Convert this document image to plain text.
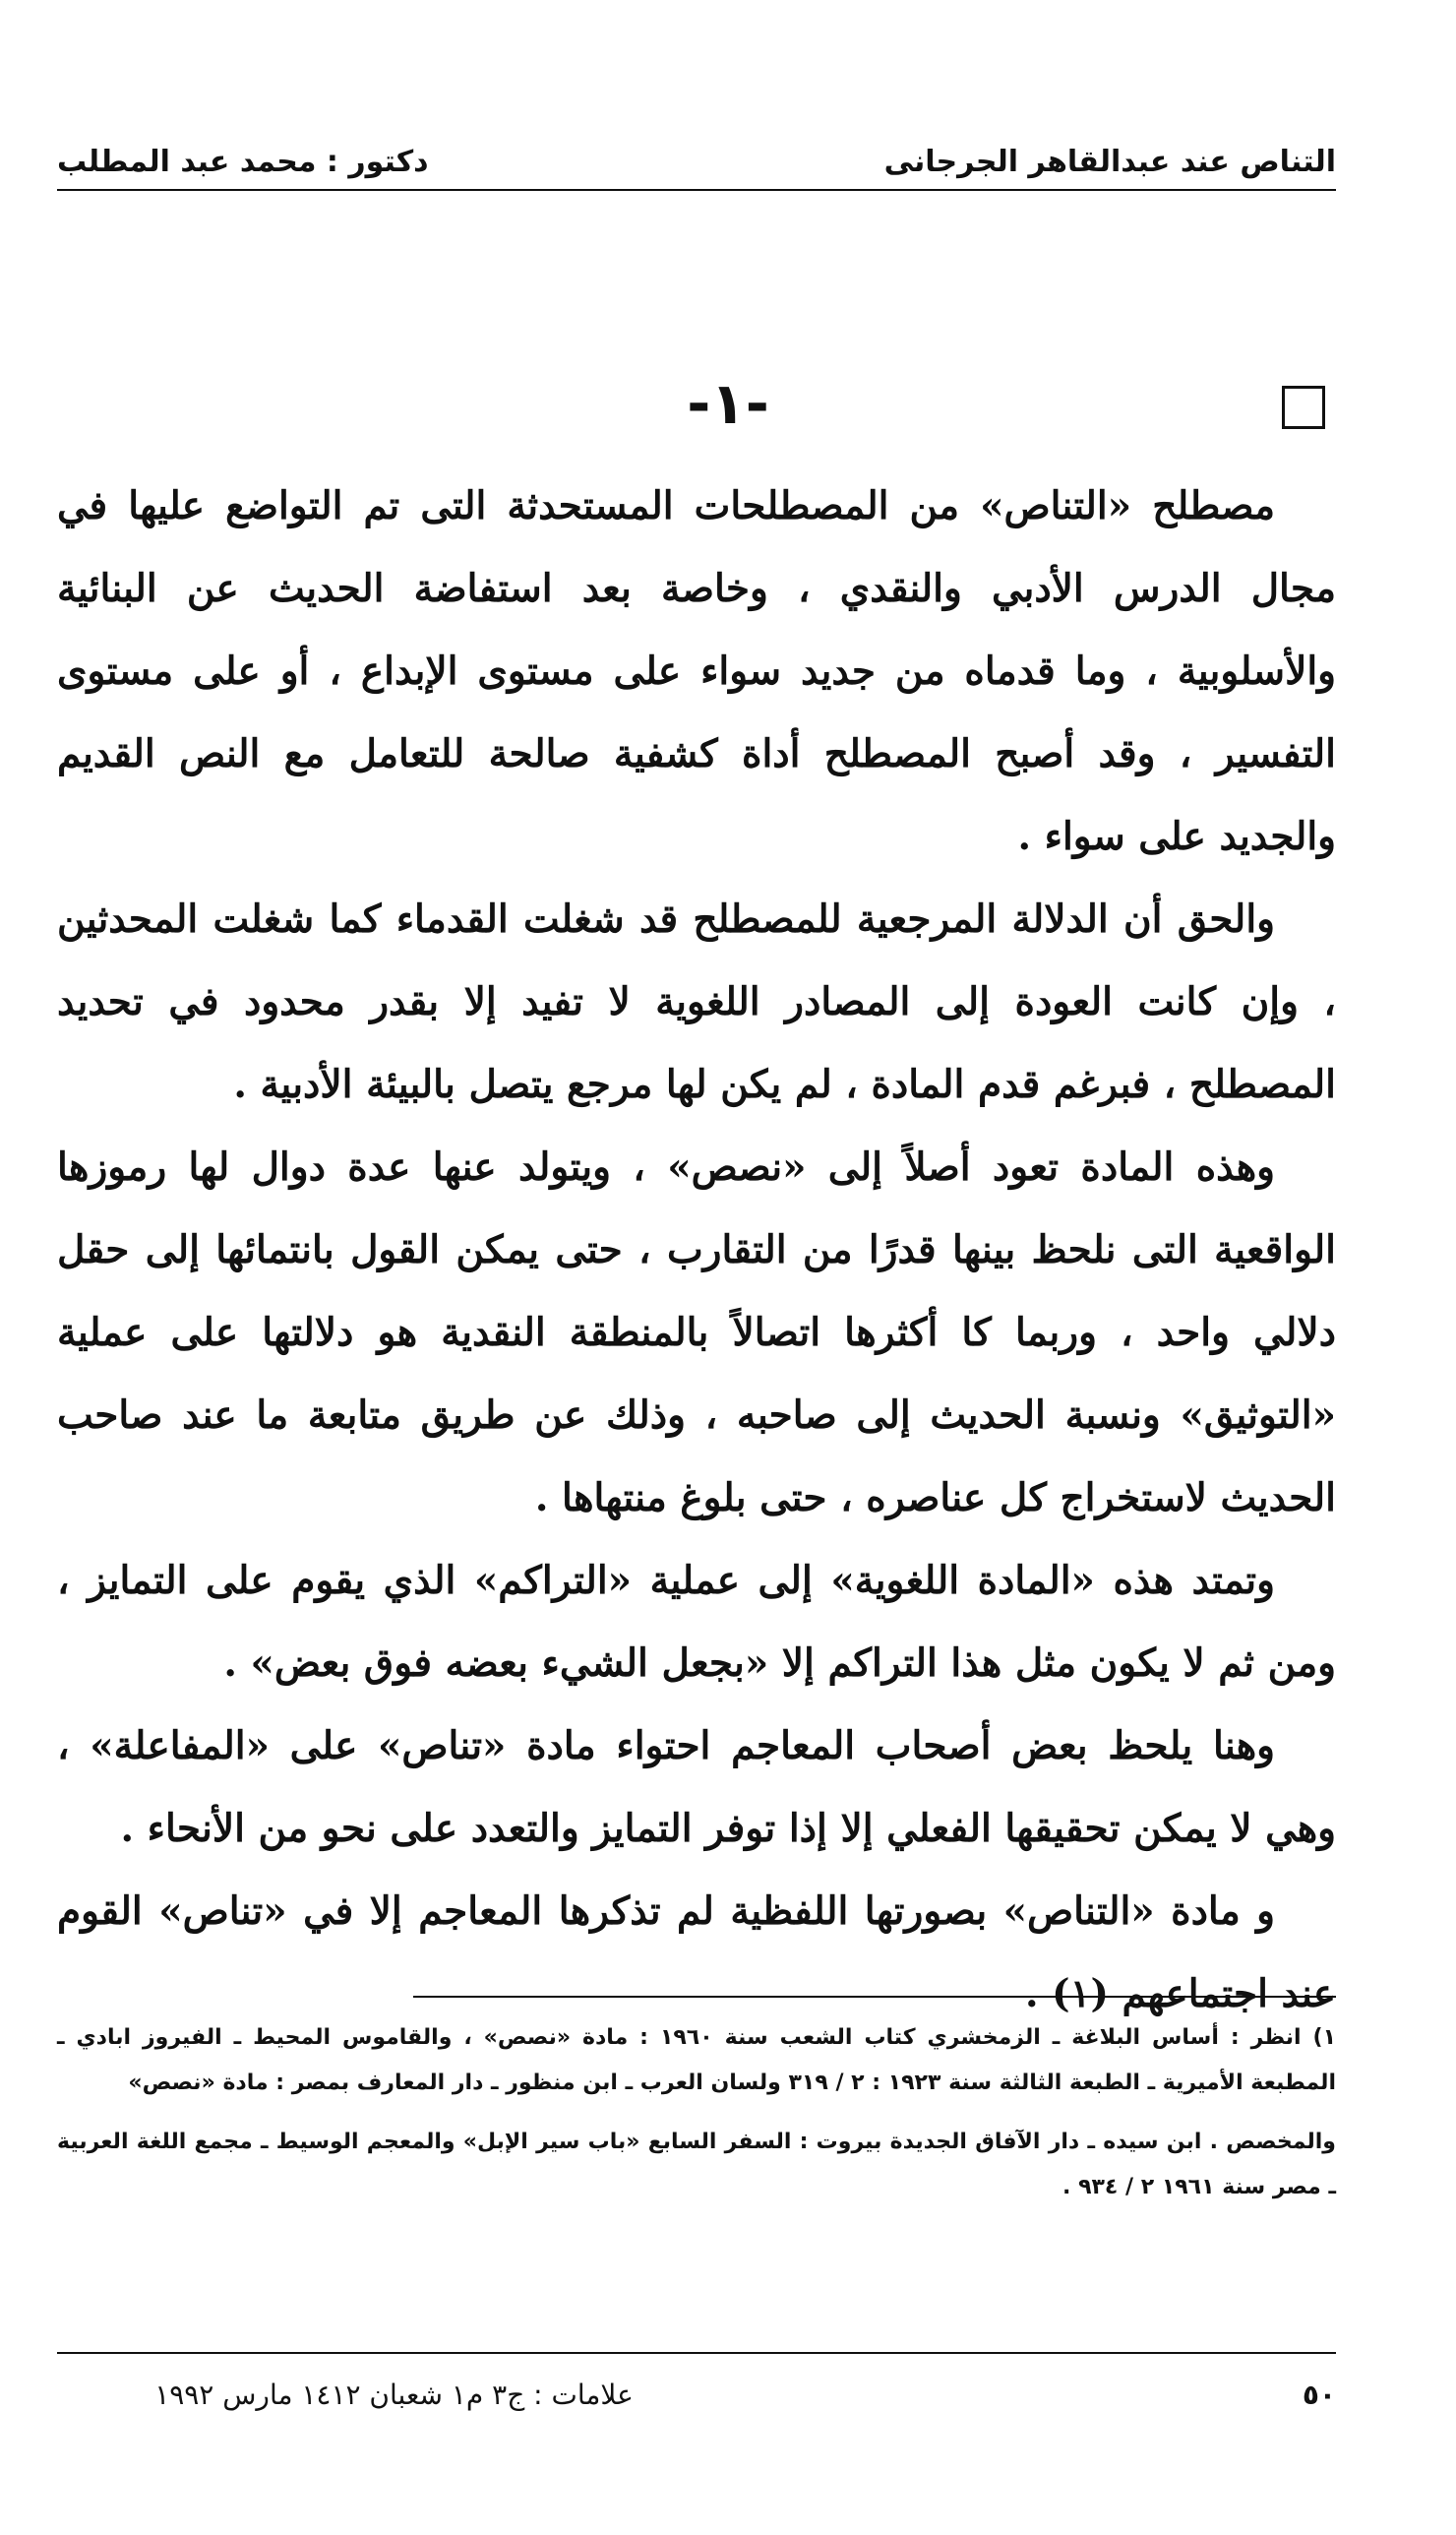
التناص عند عبدالقاهر الجرجانى
دكتور : محمد عبد المطلب
-١-

مصطلح «التناص» من المصطلحات المستحدثة التى تم التواضع عليها في مجال الدرس الأدبي والنقدي ، وخاصة بعد استفاضة الحديث عن البنائية والأسلوبية ، وما قدماه من جديد سواء على مستوى الإبداع ، أو على مستوى التفسير ، وقد أصبح المصطلح أداة كشفية صالحة للتعامل مع النص القديم والجديد على سواء .

والحق أن الدلالة المرجعية للمصطلح قد شغلت القدماء كما شغلت المحدثين ، وإن كانت العودة إلى المصادر اللغوية لا تفيد إلا بقدر محدود في تحديد المصطلح ، فبرغم قدم المادة ، لم يكن لها مرجع يتصل بالبيئة الأدبية .

وهذه المادة تعود أصلاً إلى «نصص» ، ويتولد عنها عدة دوال لها رموزها الواقعية التى نلحظ بينها قدرًا من التقارب ، حتى يمكن القول بانتمائها إلى حقل دلالي واحد ، وربما كا أكثرها اتصالاً بالمنطقة النقدية هو دلالتها على عملية «التوثيق» ونسبة الحديث إلى صاحبه ، وذلك عن طريق متابعة ما عند صاحب الحديث لاستخراج كل عناصره ، حتى بلوغ منتهاها .

وتمتد هذه «المادة اللغوية» إلى عملية «التراكم» الذي يقوم على التمايز ، ومن ثم لا يكون مثل هذا التراكم إلا «بجعل الشيء بعضه فوق بعض» .

وهنا يلحظ بعض أصحاب المعاجم احتواء مادة «تناص» على «المفاعلة» ، وهي لا يمكن تحقيقها الفعلي إلا إذا توفر التمايز والتعدد على نحو من الأنحاء .

و مادة «التناص» بصورتها اللفظية لم تذكرها المعاجم إلا في «تناص» القوم عند اجتماعهم (١) .

١) انظر : أساس البلاغة ـ الزمخشري كتاب الشعب سنة ١٩٦٠ : مادة «نصص» ، والقاموس المحيط ـ الفيروز ابادي ـ المطبعة الأميرية ـ الطبعة الثالثة سنة ١٩٢٣ : ٢ / ٣١٩ ولسان العرب ـ ابن منظور ـ دار المعارف بمصر : مادة «نصص»

والمخصص . ابن سيده ـ دار الآفاق الجديدة بيروت : السفر السابع «باب سير الإبل» والمعجم الوسيط ـ مجمع اللغة العربية ـ مصر سنة ١٩٦١ ٢ / ٩٣٤ .

٥٠
علامات : ج٣ م١ شعبان ١٤١٢ مارس ١٩٩٢
